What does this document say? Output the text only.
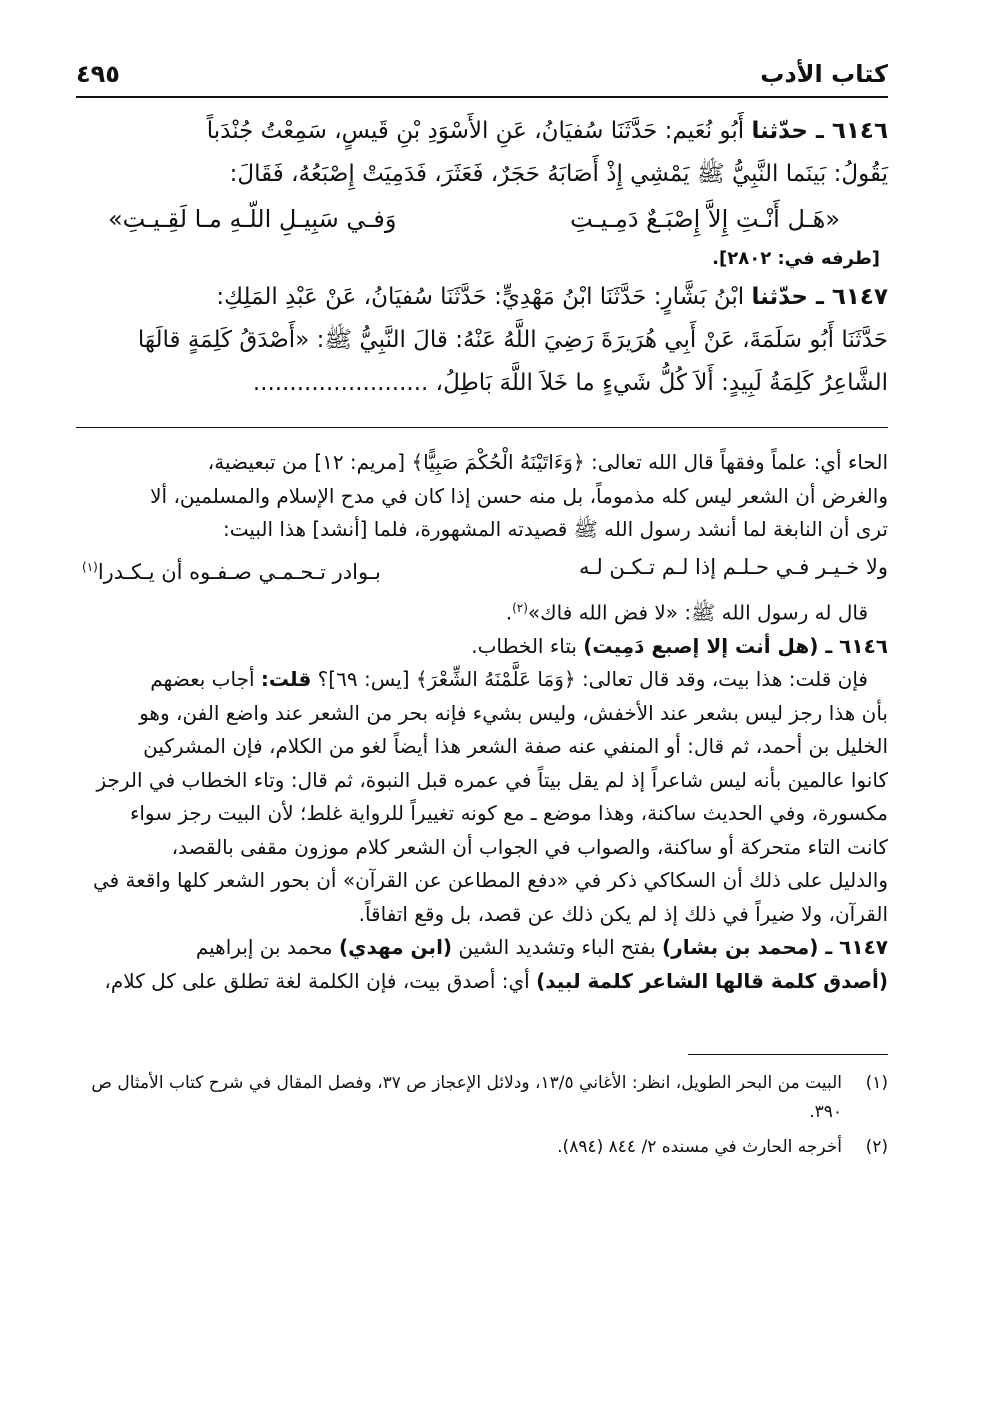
كتاب الأدب
٤٩٥

٦١٤٦ ـ حدّثنا أَبُو نُعَيم: حَدَّثَنَا سُفيَانُ، عَنِ الأَسْوَدِ بْنِ قَيسٍ، سَمِعْتُ جُنْدَباً

يَقُولُ: بَينَما النَّبِيُّ ﷺ يَمْشِي إِذْ أَصَابَهُ حَجَرٌ، فَعَثَرَ، فَدَمِيَتْ إِصْبَعُهُ، فَقَالَ:

«هَـل أَنْـتِ إِلاَّ إِصْبَـعٌ دَمِـيـتِ
وَفـي سَبِيـلِ اللّـهِ مـا لَقِـيـتِ»
[طرفه في: ٢٨٠٢].

٦١٤٧ ـ حدّثنا ابْنُ بَشَّارٍ: حَدَّثَنَا ابْنُ مَهْدِيٍّ: حَدَّثَنَا سُفيَانُ، عَنْ عَبْدِ المَلِكِ:

حَدَّثَنَا أَبُو سَلَمَةَ، عَنْ أَبِي هُرَيرَةَ رَضِيَ اللَّهُ عَنْهُ: قالَ النَّبِيُّ ﷺ: «أَصْدَقُ كَلِمَةٍ قالَهَا

الشَّاعِرُ كَلِمَةُ لَبِيدٍ: أَلاَ كُلُّ شَيءٍ ما خَلاَ اللَّهَ بَاطِلُ، ........................

الحاء أي: علماً وفقهاً قال الله تعالى: ﴿وَءَاتَيْنَهُ الْحُكْمَ صَبِيًّا﴾ [مريم: ١٢] من تبعيضية،

والغرض أن الشعر ليس كله مذموماً، بل منه حسن إذا كان في مدح الإسلام والمسلمين، ألا

ترى أن النابغة لما أنشد رسول الله ﷺ قصيدته المشهورة، فلما [أنشد] هذا البيت:

ولا خـيـر فـي حـلـم إذا لـم تـكـن لـه
بـوادر تـحـمـي صـفـوه أن يـكـدرا$^{(١)}$

قال له رسول الله ﷺ: «لا فض الله فاك»$^{(٢)}$.

٦١٤٦ ـ (هل أنت إلا إصبع دَمِيت) بتاء الخطاب.

فإن قلت: هذا بيت، وقد قال تعالى: ﴿وَمَا عَلَّمْنَهُ الشِّعْرَ﴾ [يس: ٦٩]؟ قلت: أجاب بعضهم

بأن هذا رجز ليس بشعر عند الأخفش، وليس بشيء فإنه بحر من الشعر عند واضع الفن، وهو

الخليل بن أحمد، ثم قال: أو المنفي عنه صفة الشعر هذا أيضاً لغو من الكلام، فإن المشركين

كانوا عالمين بأنه ليس شاعراً إذ لم يقل بيتاً في عمره قبل النبوة، ثم قال: وتاء الخطاب في الرجز

مكسورة، وفي الحديث ساكنة، وهذا موضع ـ مع كونه تغييراً للرواية غلط؛ لأن البيت رجز سواء

كانت التاء متحركة أو ساكنة، والصواب في الجواب أن الشعر كلام موزون مقفى بالقصد،

والدليل على ذلك أن السكاكي ذكر في «دفع المطاعن عن القرآن» أن بحور الشعر كلها واقعة في

القرآن، ولا ضيراً في ذلك إذ لم يكن ذلك عن قصد، بل وقع اتفاقاً.

٦١٤٧ ـ (محمد بن بشار) بفتح الباء وتشديد الشين (ابن مهدي) محمد بن إبراهيم

(أصدق كلمة قالها الشاعر كلمة لبيد) أي: أصدق بيت، فإن الكلمة لغة تطلق على كل كلام،

(١)
البيت من البحر الطويل، انظر: الأغاني ١٣/٥، ودلائل الإعجاز ص ٣٧، وفصل المقال في شرح كتاب الأمثال ص ٣٩٠.
(٢)
أخرجه الحارث في مسنده ٢/ ٨٤٤ (٨٩٤).
